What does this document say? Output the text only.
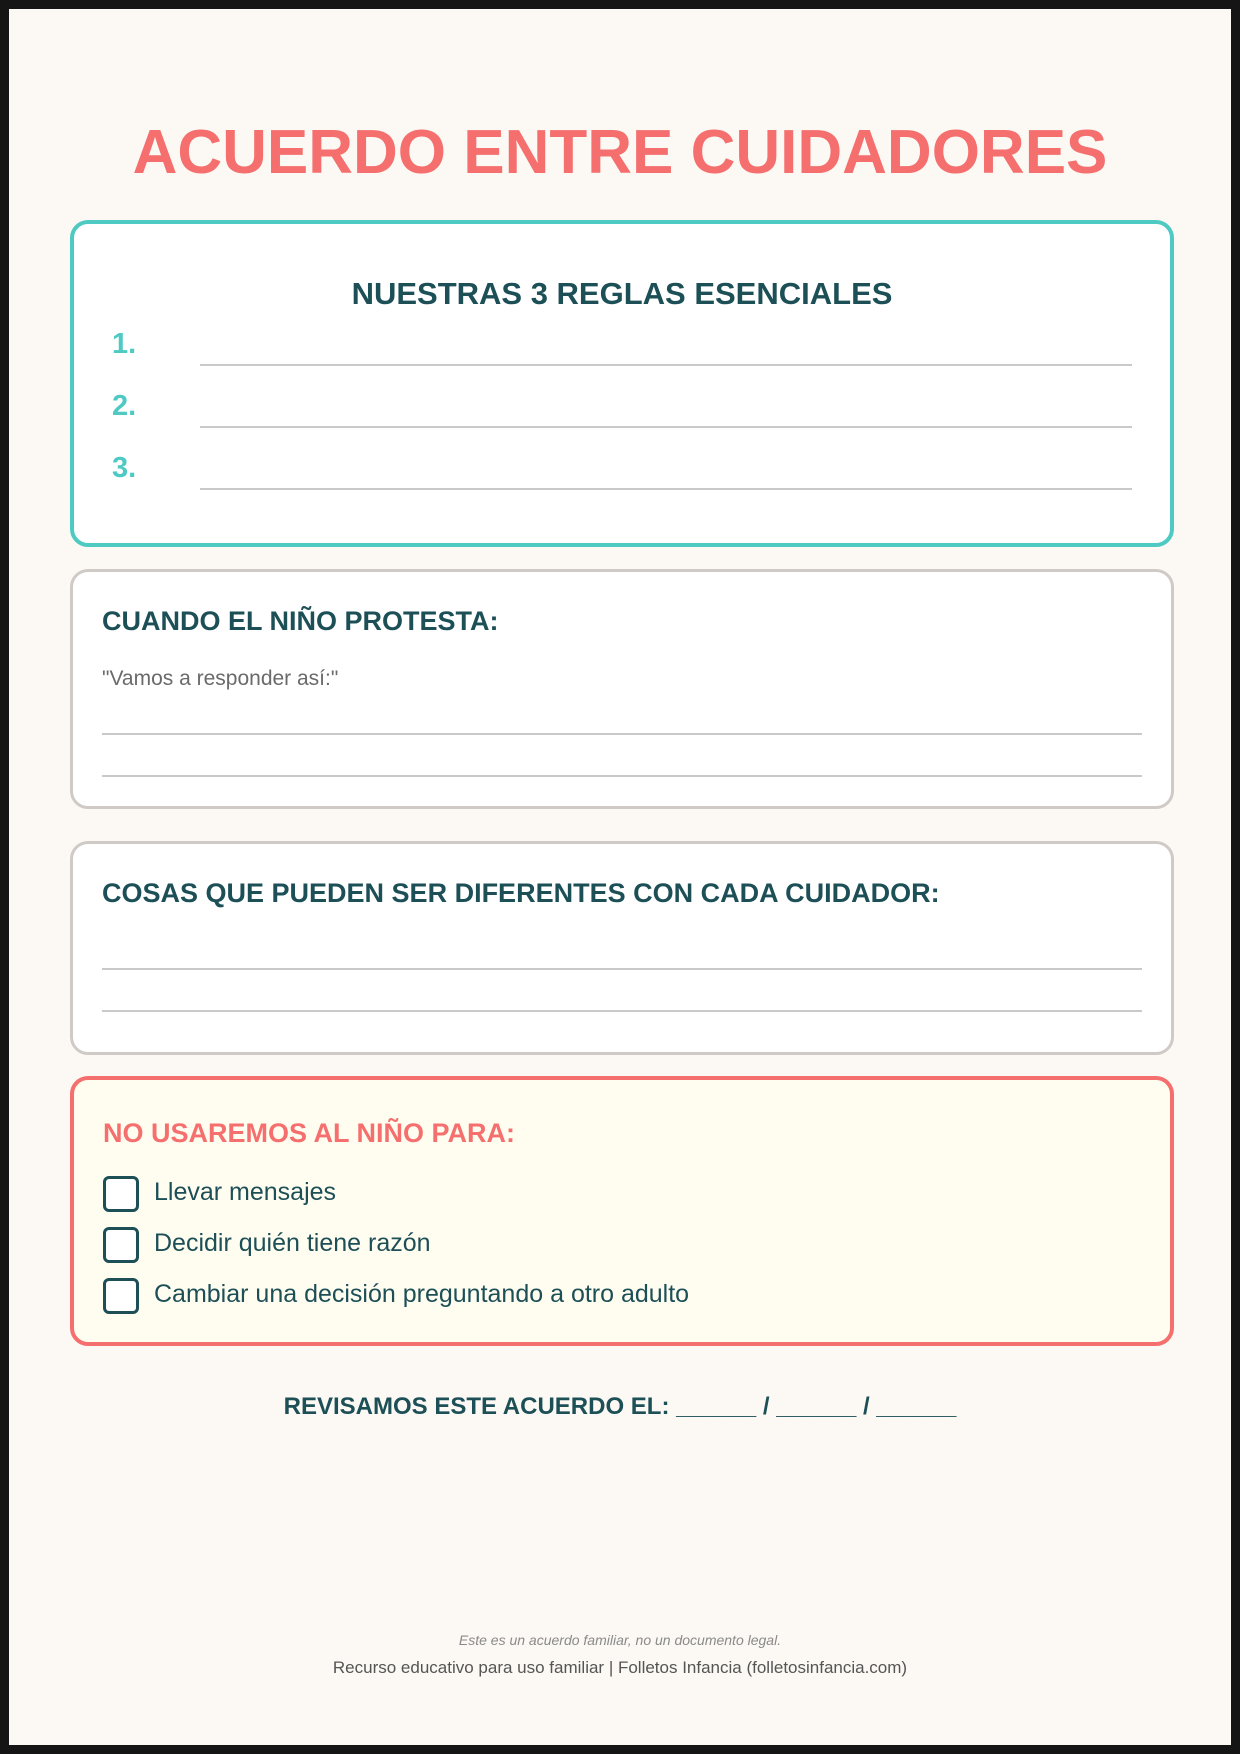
ACUERDO ENTRE CUIDADORES
NUESTRAS 3 REGLAS ESENCIALES
1.
2.
3.
CUANDO EL NIÑO PROTESTA:
"Vamos a responder así:"
COSAS QUE PUEDEN SER DIFERENTES CON CADA CUIDADOR:
NO USAREMOS AL NIÑO PARA:
Llevar mensajes
Decidir quién tiene razón
Cambiar una decisión preguntando a otro adulto
REVISAMOS ESTE ACUERDO EL: ______ / ______ / ______
Este es un acuerdo familiar, no un documento legal.
Recurso educativo para uso familiar | Folletos Infancia (folletosinfancia.com)
